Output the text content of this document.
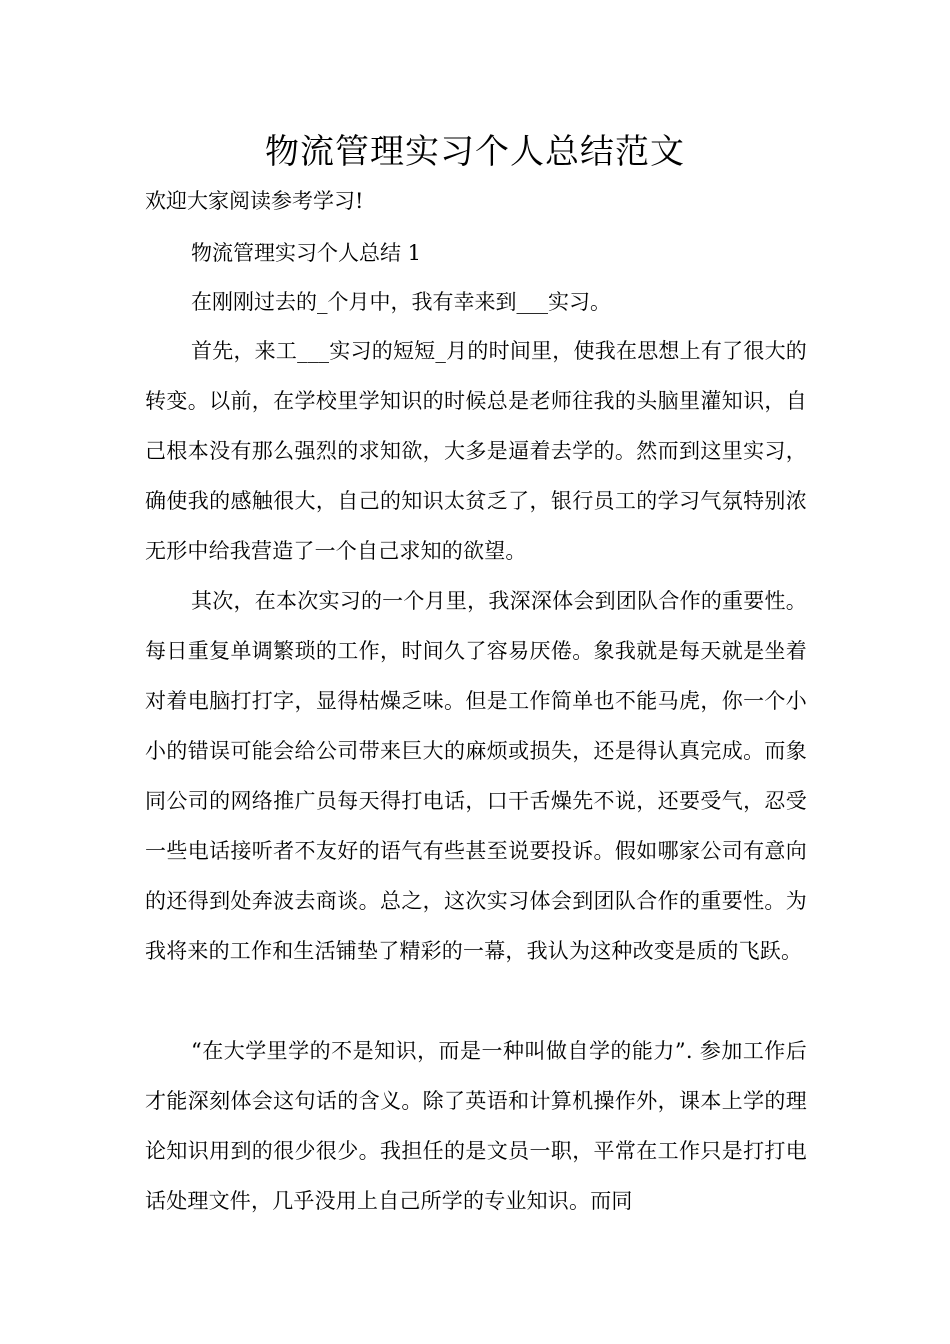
物流管理实习个人总结范文

欢迎大家阅读参考学习!

物流管理实习个人总结 1

在刚刚过去的_个月中，我有幸来到___实习。

首先，来工___实习的短短_月的时间里，使我在思想上有了很大的转变。以前，在学校里学知识的时候总是老师往我的头脑里灌知识，自己根本没有那么强烈的求知欲，大多是逼着去学的。然而到这里实习，确使我的感触很大，自己的知识太贫乏了，银行员工的学习气氛特别浓无形中给我营造了一个自己求知的欲望。

其次，在本次实习的一个月里，我深深体会到团队合作的重要性。每日重复单调繁琐的工作，时间久了容易厌倦。象我就是每天就是坐着对着电脑打打字，显得枯燥乏味。但是工作简单也不能马虎，你一个小小的错误可能会给公司带来巨大的麻烦或损失，还是得认真完成。而象同公司的网络推广员每天得打电话，口干舌燥先不说，还要受气，忍受一些电话接听者不友好的语气有些甚至说要投诉。假如哪家公司有意向的还得到处奔波去商谈。总之，这次实习体会到团队合作的重要性。为我将来的工作和生活铺垫了精彩的一幕，我认为这种改变是质的飞跃。

“在大学里学的不是知识，而是一种叫做自学的能力”. 参加工作后才能深刻体会这句话的含义。除了英语和计算机操作外，课本上学的理论知识用到的很少很少。我担任的是文员一职，平常在工作只是打打电话处理文件，几乎没用上自己所学的专业知识。而同
